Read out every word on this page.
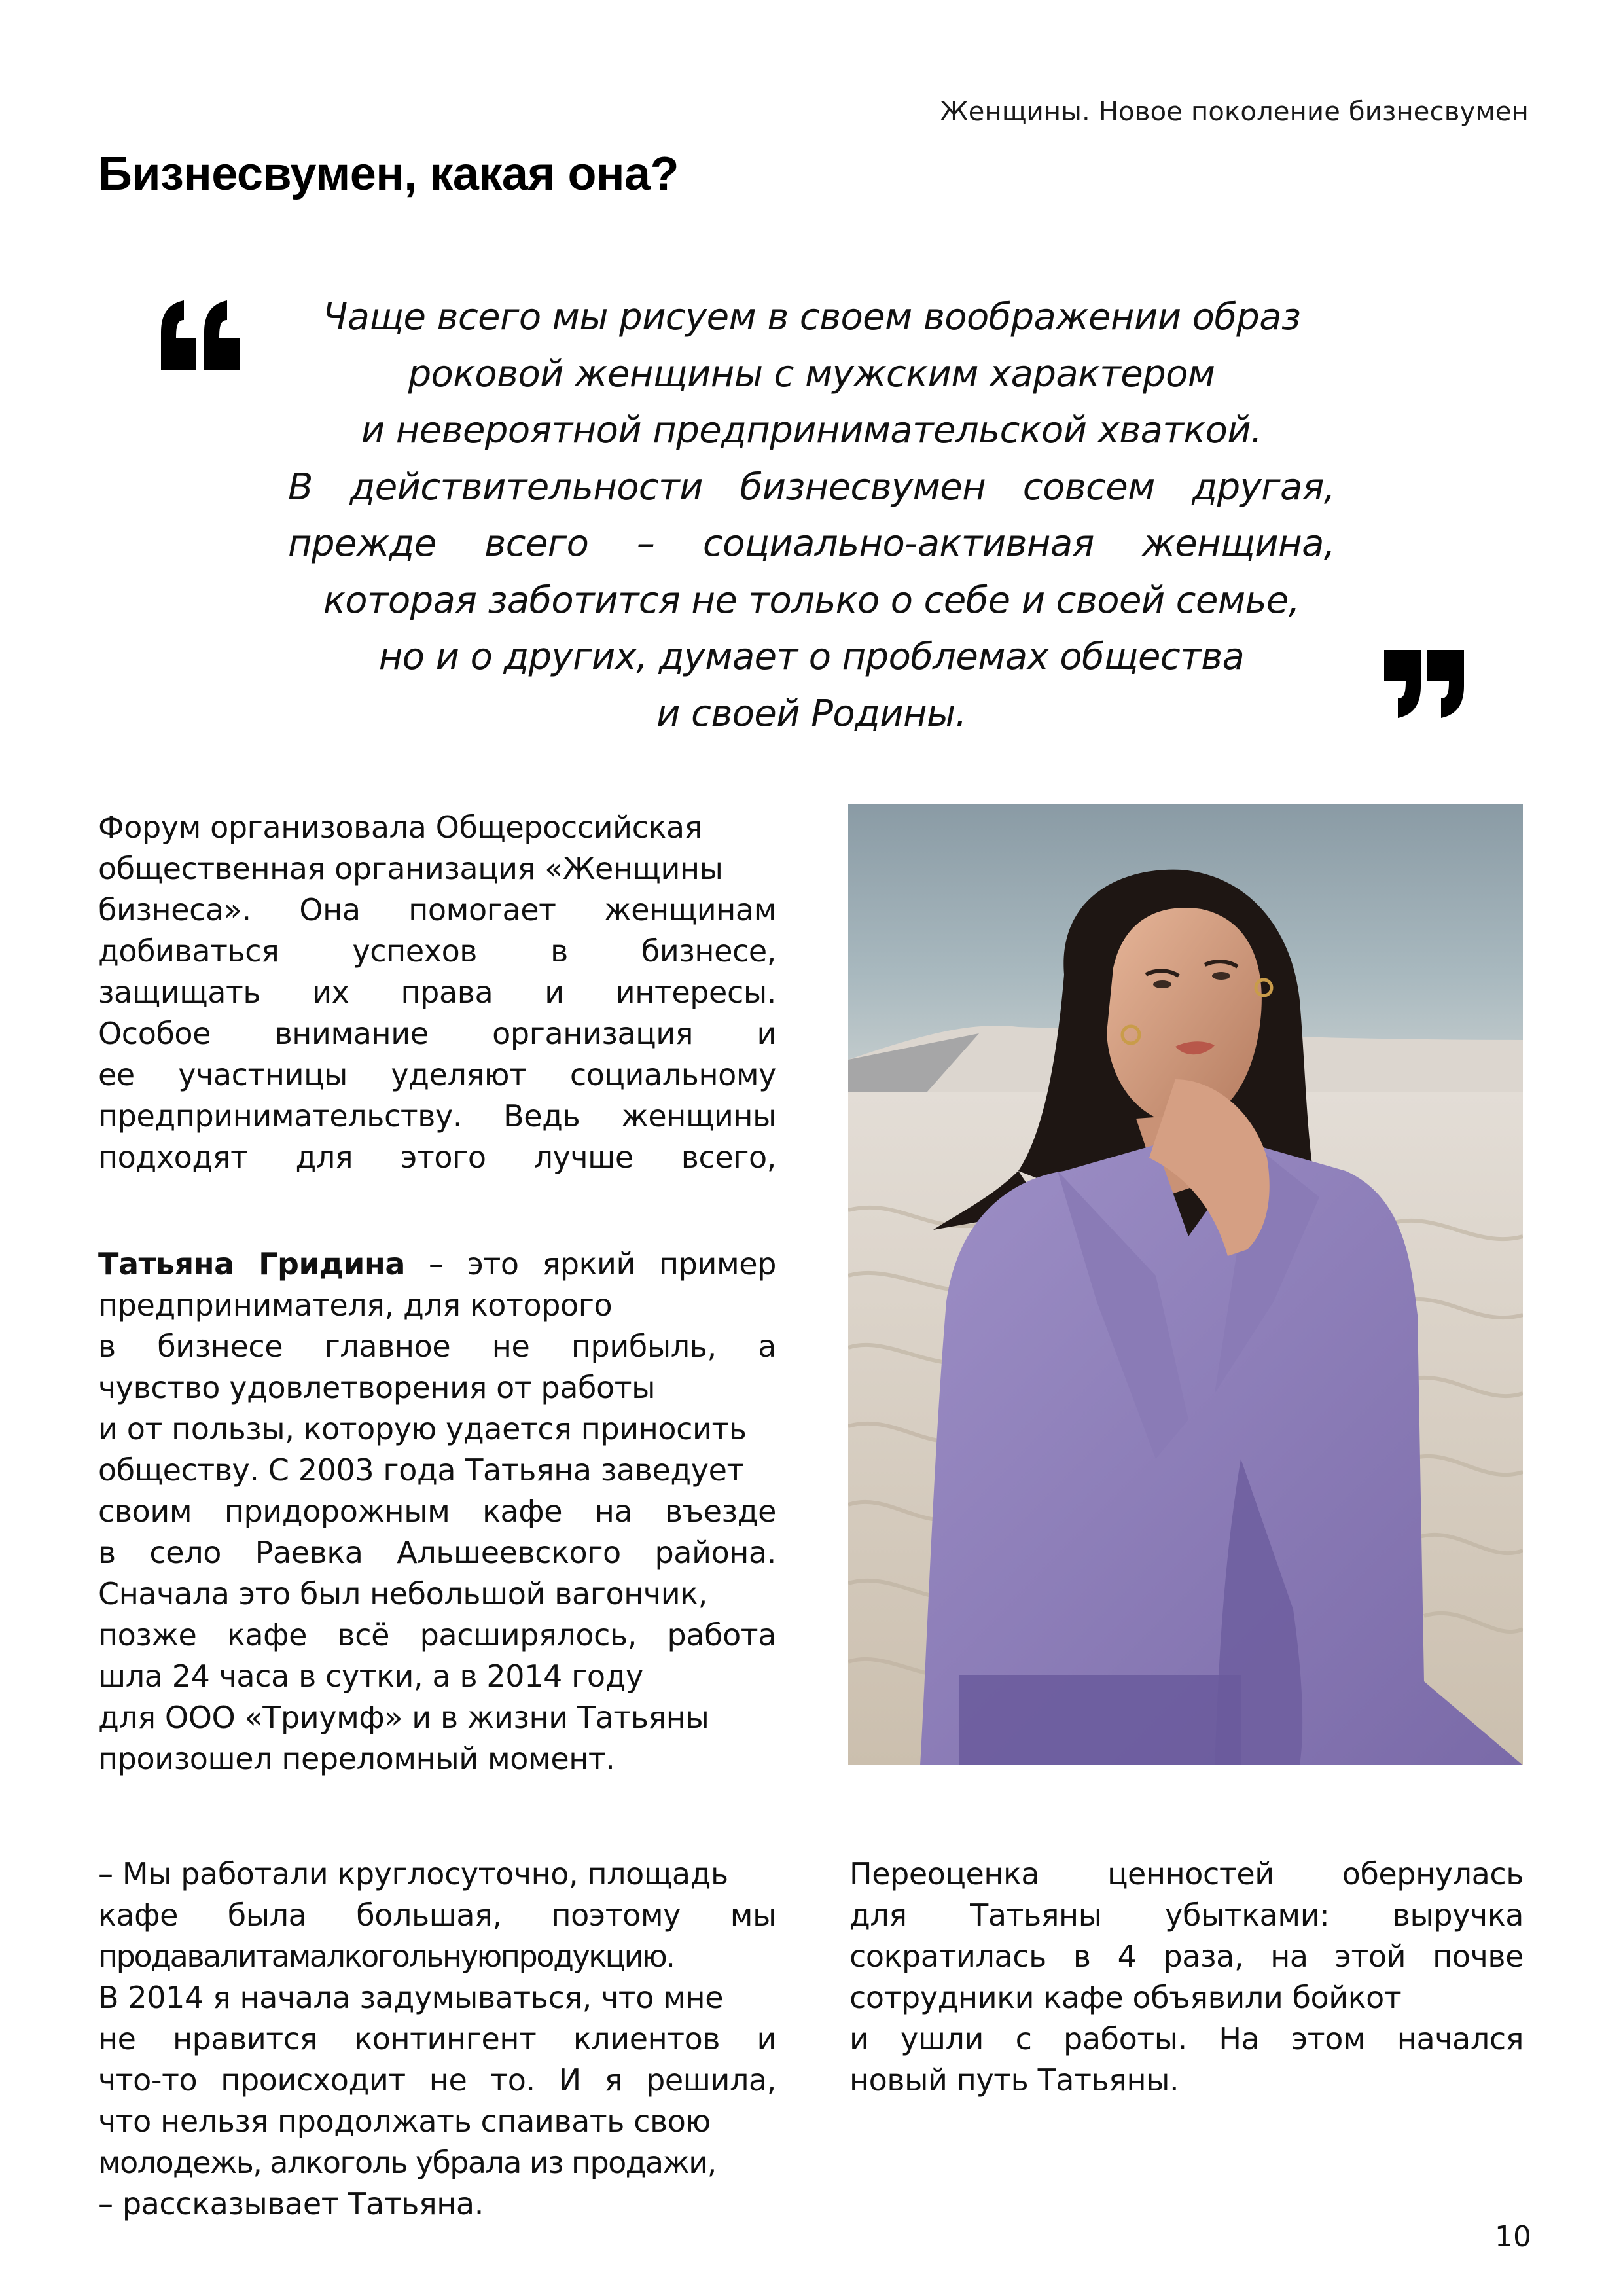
Женщины. Новое поколение бизнесвумен
Бизнесвумен, какая она?
Чаще всего мы рисуем в своем воображении образ
роковой женщины с мужским характером
и невероятной предпринимательской хваткой.
В действительности бизнесвумен совсем другая,
прежде всего – социально-активная женщина,
которая заботится не только о себе и своей семье,
но и о других, думает о проблемах общества
и своей Родины.
Форум организовала Общероссийская
общественная организация «Женщины
бизнеса». Она помогает женщинам
добиваться успехов в бизнесе,
защищать их права и интересы.
Особое внимание организация и
ее участницы уделяют социальному
предпринимательству. Ведь женщины
подходят для этого лучше всего,
Татьяна Гридина – это яркий пример
предпринимателя, для которого
в бизнесе главное не прибыль, а
чувство удовлетворения от работы
и от пользы, которую удается приносить
обществу. С 2003 года Татьяна заведует
своим придорожным кафе на въезде
в село Раевка Альшеевского района.
Сначала это был небольшой вагончик,
позже кафе всё расширялось, работа
шла 24 часа в сутки, а в 2014 году
для ООО «Триумф» и в жизни Татьяны
произошел переломный момент.
– Мы работали круглосуточно, площадь
кафе была большая, поэтому мы
продавалитамалкогольнуюпродукцию.
В 2014 я начала задумываться, что мне
не нравится контингент клиентов и
что-то происходит не то. И я решила,
что нельзя продолжать спаивать свою
молодежь, алкоголь убрала из продажи,
– рассказывает Татьяна.
Переоценка ценностей обернулась
для Татьяны убытками: выручка
сократилась в 4 раза, на этой почве
сотрудники кафе объявили бойкот
и ушли с работы. На этом начался
новый путь Татьяны.
10
